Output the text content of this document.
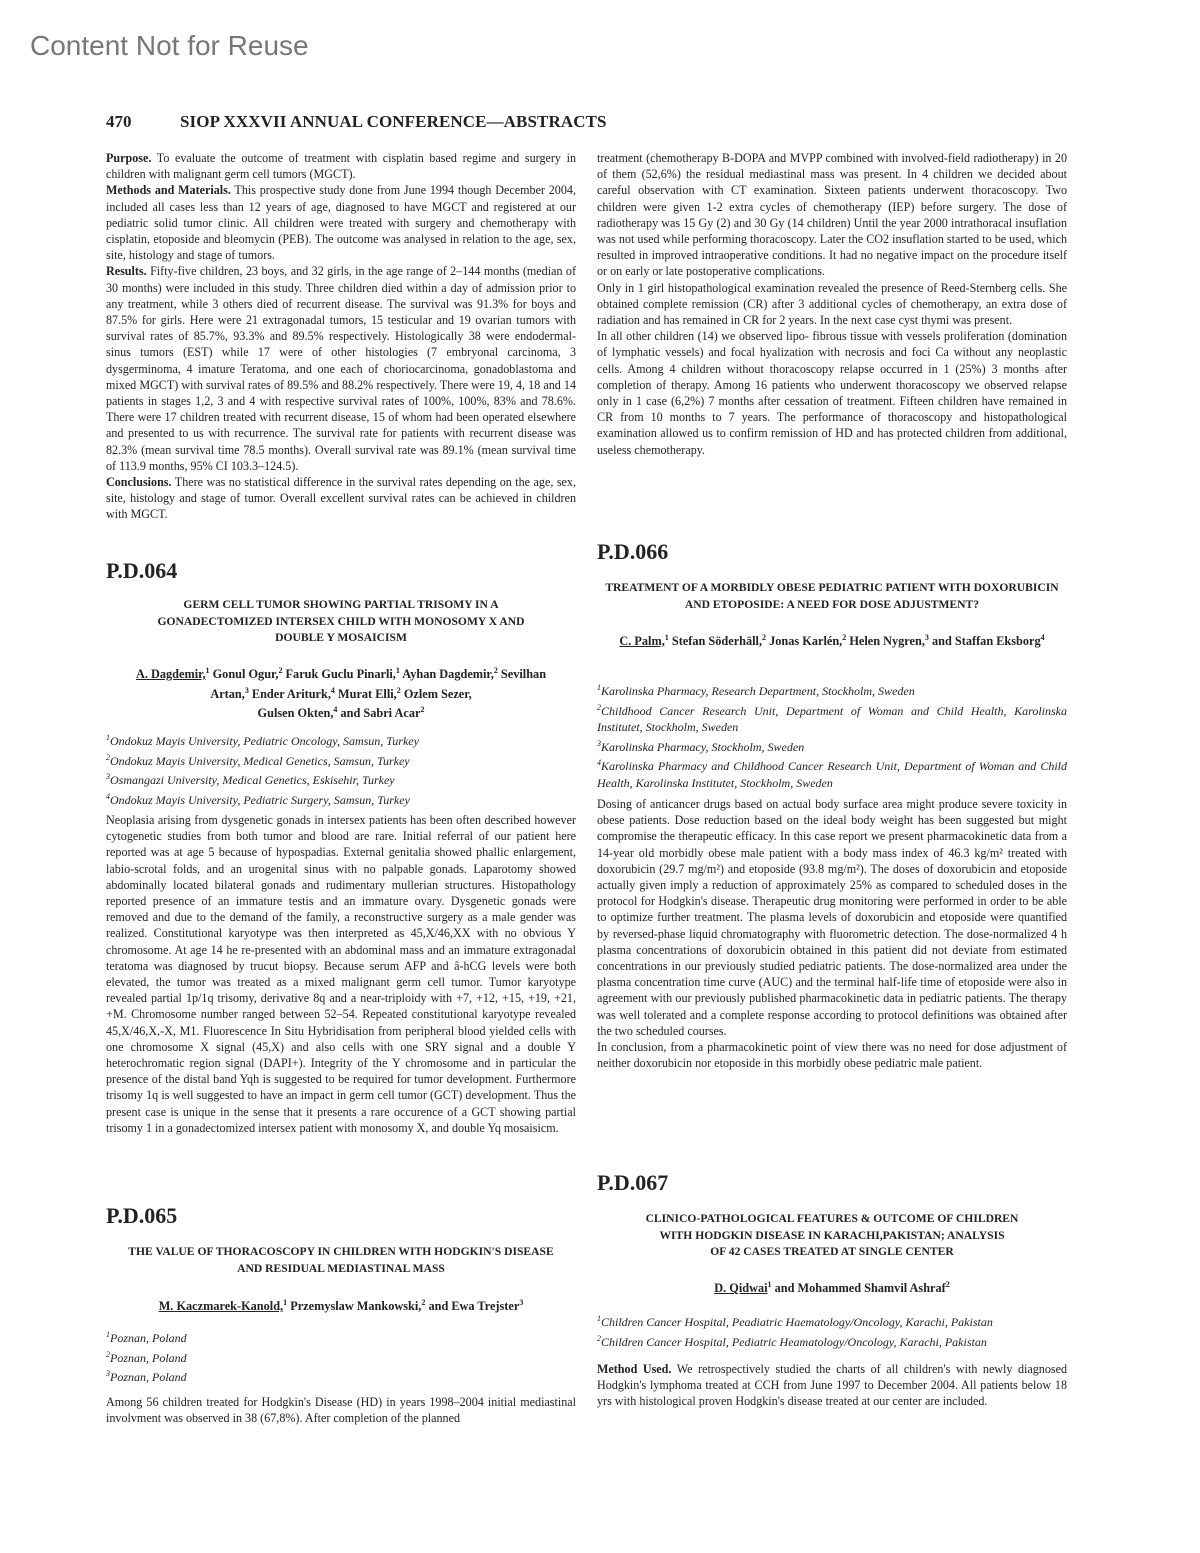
Content Not for Reuse
470	SIOP XXXVII ANNUAL CONFERENCE—ABSTRACTS

Purpose. To evaluate the outcome of treatment with cisplatin based regime and surgery in children with malignant germ cell tumors (MGCT).

Methods and Materials. This prospective study done from June 1994 though December 2004, included all cases less than 12 years of age, diagnosed to have MGCT and registered at our pediatric solid tumor clinic. All children were treated with surgery and chemotherapy with cisplatin, etoposide and bleomycin (PEB). The outcome was analysed in relation to the age, sex, site, histology and stage of tumors.

Results. Fifty-five children, 23 boys, and 32 girls, in the age range of 2–144 months (median of 30 months) were included in this study. Three children died within a day of admission prior to any treatment, while 3 others died of recurrent disease. The survival was 91.3% for boys and 87.5% for girls. Here were 21 extragonadal tumors, 15 testicular and 19 ovarian tumors with survival rates of 85.7%, 93.3% and 89.5% respectively. Histologically 38 were endodermal-sinus tumors (EST) while 17 were of other histologies (7 embryonal carcinoma, 3 dysgerminoma, 4 imature Teratoma, and one each of choriocarcinoma, gonadoblastoma and mixed MGCT) with survival rates of 89.5% and 88.2% respectively. There were 19, 4, 18 and 14 patients in stages 1,2, 3 and 4 with respective survival rates of 100%, 100%, 83% and 78.6%. There were 17 children treated with recurrent disease, 15 of whom had been operated elsewhere and presented to us with recurrence. The survival rate for patients with recurrent disease was 82.3% (mean survival time 78.5 months). Overall survival rate was 89.1% (mean survival time of 113.9 months, 95% CI 103.3–124.5).

Conclusions. There was no statistical difference in the survival rates depending on the age, sex, site, histology and stage of tumor. Overall excellent survival rates can be achieved in children with MGCT.

P.D.064
GERM CELL TUMOR SHOWING PARTIAL TRISOMY IN A GONADECTOMIZED INTERSEX CHILD WITH MONOSOMY X AND DOUBLE Y MOSAICISM
A. Dagdemir,$^1$ Gonul Ogur,$^2$ Faruk Guclu Pinarli,$^1$ Ayhan Dagdemir,$^2$ Sevilhan Artan,$^3$ Ender Ariturk,$^4$ Murat Elli,$^2$ Ozlem Sezer,
Gulsen Okten,$^4$ and Sabri Acar$^2$
$^1$Ondokuz Mayis University, Pediatric Oncology, Samsun, Turkey
$^2$Ondokuz Mayis University, Medical Genetics, Samsun, Turkey
$^3$Osmangazi University, Medical Genetics, Eskisehir, Turkey
$^4$Ondokuz Mayis University, Pediatric Surgery, Samsun, Turkey

Neoplasia arising from dysgenetic gonads in intersex patients has been often described however cytogenetic studies from both tumor and blood are rare. Initial referral of our patient here reported was at age 5 because of hypospadias. External genitalia showed phallic enlargement, labio-scrotal folds, and an urogenital sinus with no palpable gonads. Laparotomy showed abdominally located bilateral gonads and rudimentary mullerian structures. Histopathology reported presence of an immature testis and an immature ovary. Dysgenetic gonads were removed and due to the demand of the family, a reconstructive surgery as a male gender was realized. Constitutional karyotype was then interpreted as 45,X/46,XX with no obvious Y chromosome. At age 14 he re-presented with an abdominal mass and an immature extragonadal teratoma was diagnosed by trucut biopsy. Because serum AFP and â-hCG levels were both elevated, the tumor was treated as a mixed malignant germ cell tumor. Tumor karyotype revealed partial 1p/1q trisomy, derivative 8q and a near-triploidy with +7, +12, +15, +19, +21, +M. Chromosome number ranged between 52–54. Repeated constitutional karyotype revealed 45,X/46,X,-X, M1. Fluorescence In Situ Hybridisation from peripheral blood yielded cells with one chromosome X signal (45,X) and also cells with one SRY signal and a double Y heterochromatic region signal (DAPI+). Integrity of the Y chromosome and in particular the presence of the distal band Yqh is suggested to be required for tumor development. Furthermore trisomy 1q is well suggested to have an impact in germ cell tumor (GCT) development. Thus the present case is unique in the sense that it presents a rare occurence of a GCT showing partial trisomy 1 in a gonadectomized intersex patient with monosomy X, and double Yq mosaisicm.

P.D.065
THE VALUE OF THORACOSCOPY IN CHILDREN WITH HODGKIN'S DISEASE AND RESIDUAL MEDIASTINAL MASS
M. Kaczmarek-Kanold,$^1$ Przemyslaw Mankowski,$^2$ and Ewa Trejster$^3$
$^1$Poznan, Poland
$^2$Poznan, Poland
$^3$Poznan, Poland

Among 56 children treated for Hodgkin's Disease (HD) in years 1998–2004 initial mediastinal involvment was observed in 38 (67,8%). After completion of the planned

treatment (chemotherapy B-DOPA and MVPP combined with involved-field radiotherapy) in 20 of them (52,6%) the residual mediastinal mass was present. In 4 children we decided about careful observation with CT examination. Sixteen patients underwent thoracoscopy. Two children were given 1-2 extra cycles of chemotherapy (IEP) before surgery. The dose of radiotherapy was 15 Gy (2) and 30 Gy (14 children) Until the year 2000 intrathoracal insuflation was not used while performing thoracoscopy. Later the CO2 insuflation started to be used, which resulted in improved intraoperative conditions. It had no negative impact on the procedure itself or on early or late postoperative complications.

Only in 1 girl histopathological examination revealed the presence of Reed-Sternberg cells. She obtained complete remission (CR) after 3 additional cycles of chemotherapy, an extra dose of radiation and has remained in CR for 2 years. In the next case cyst thymi was present.

In all other children (14) we observed lipo- fibrous tissue with vessels proliferation (domination of lymphatic vessels) and focal hyalization with necrosis and foci Ca without any neoplastic cells. Among 4 children without thoracoscopy relapse occurred in 1 (25%) 3 months after completion of therapy. Among 16 patients who underwent thoracoscopy we observed relapse only in 1 case (6,2%) 7 months after cessation of treatment. Fifteen children have remained in CR from 10 months to 7 years. The performance of thoracoscopy and histopathological examination allowed us to confirm remission of HD and has protected children from additional, useless chemotherapy.

P.D.066
TREATMENT OF A MORBIDLY OBESE PEDIATRIC PATIENT WITH DOXORUBICIN AND ETOPOSIDE: A NEED FOR DOSE ADJUSTMENT?
C. Palm,$^1$ Stefan Söderhäll,$^2$ Jonas Karlén,$^2$ Helen Nygren,$^3$ and Staffan Eksborg$^4$
$^1$Karolinska Pharmacy, Research Department, Stockholm, Sweden
$^2$Childhood Cancer Research Unit, Department of Woman and Child Health, Karolinska Institutet, Stockholm, Sweden
$^3$Karolinska Pharmacy, Stockholm, Sweden
$^4$Karolinska Pharmacy and Childhood Cancer Research Unit, Department of Woman and Child Health, Karolinska Institutet, Stockholm, Sweden

Dosing of anticancer drugs based on actual body surface area might produce severe toxicity in obese patients. Dose reduction based on the ideal body weight has been suggested but might compromise the therapeutic efficacy. In this case report we present pharmacokinetic data from a 14-year old morbidly obese male patient with a body mass index of 46.3 kg/m² treated with doxorubicin (29.7 mg/m²) and etoposide (93.8 mg/m²). The doses of doxorubicin and etoposide actually given imply a reduction of approximately 25% as compared to scheduled doses in the protocol for Hodgkin's disease. Therapeutic drug monitoring were performed in order to be able to optimize further treatment. The plasma levels of doxorubicin and etoposide were quantified by reversed-phase liquid chromatography with fluorometric detection. The dose-normalized 4 h plasma concentrations of doxorubicin obtained in this patient did not deviate from estimated concentrations in our previously studied pediatric patients. The dose-normalized area under the plasma concentration time curve (AUC) and the terminal half-life time of etoposide were also in agreement with our previously published pharmacokinetic data in pediatric patients. The therapy was well tolerated and a complete response according to protocol definitions was obtained after the two scheduled courses.

In conclusion, from a pharmacokinetic point of view there was no need for dose adjustment of neither doxorubicin nor etoposide in this morbidly obese pediatric male patient.

P.D.067
CLINICO-PATHOLOGICAL FEATURES & OUTCOME OF CHILDREN
WITH HODGKIN DISEASE IN KARACHI,PAKISTAN; ANALYSIS
OF 42 CASES TREATED AT SINGLE CENTER
D. Qidwai$^1$ and Mohammed Shamvil Ashraf$^2$
$^1$Children Cancer Hospital, Peadiatric Haematology/Oncology, Karachi, Pakistan
$^2$Children Cancer Hospital, Pediatric Heamatology/Oncology, Karachi, Pakistan

Method Used. We retrospectively studied the charts of all children's with newly diagnosed Hodgkin's lymphoma treated at CCH from June 1997 to December 2004. All patients below 18 yrs with histological proven Hodgkin's disease treated at our center are included.
